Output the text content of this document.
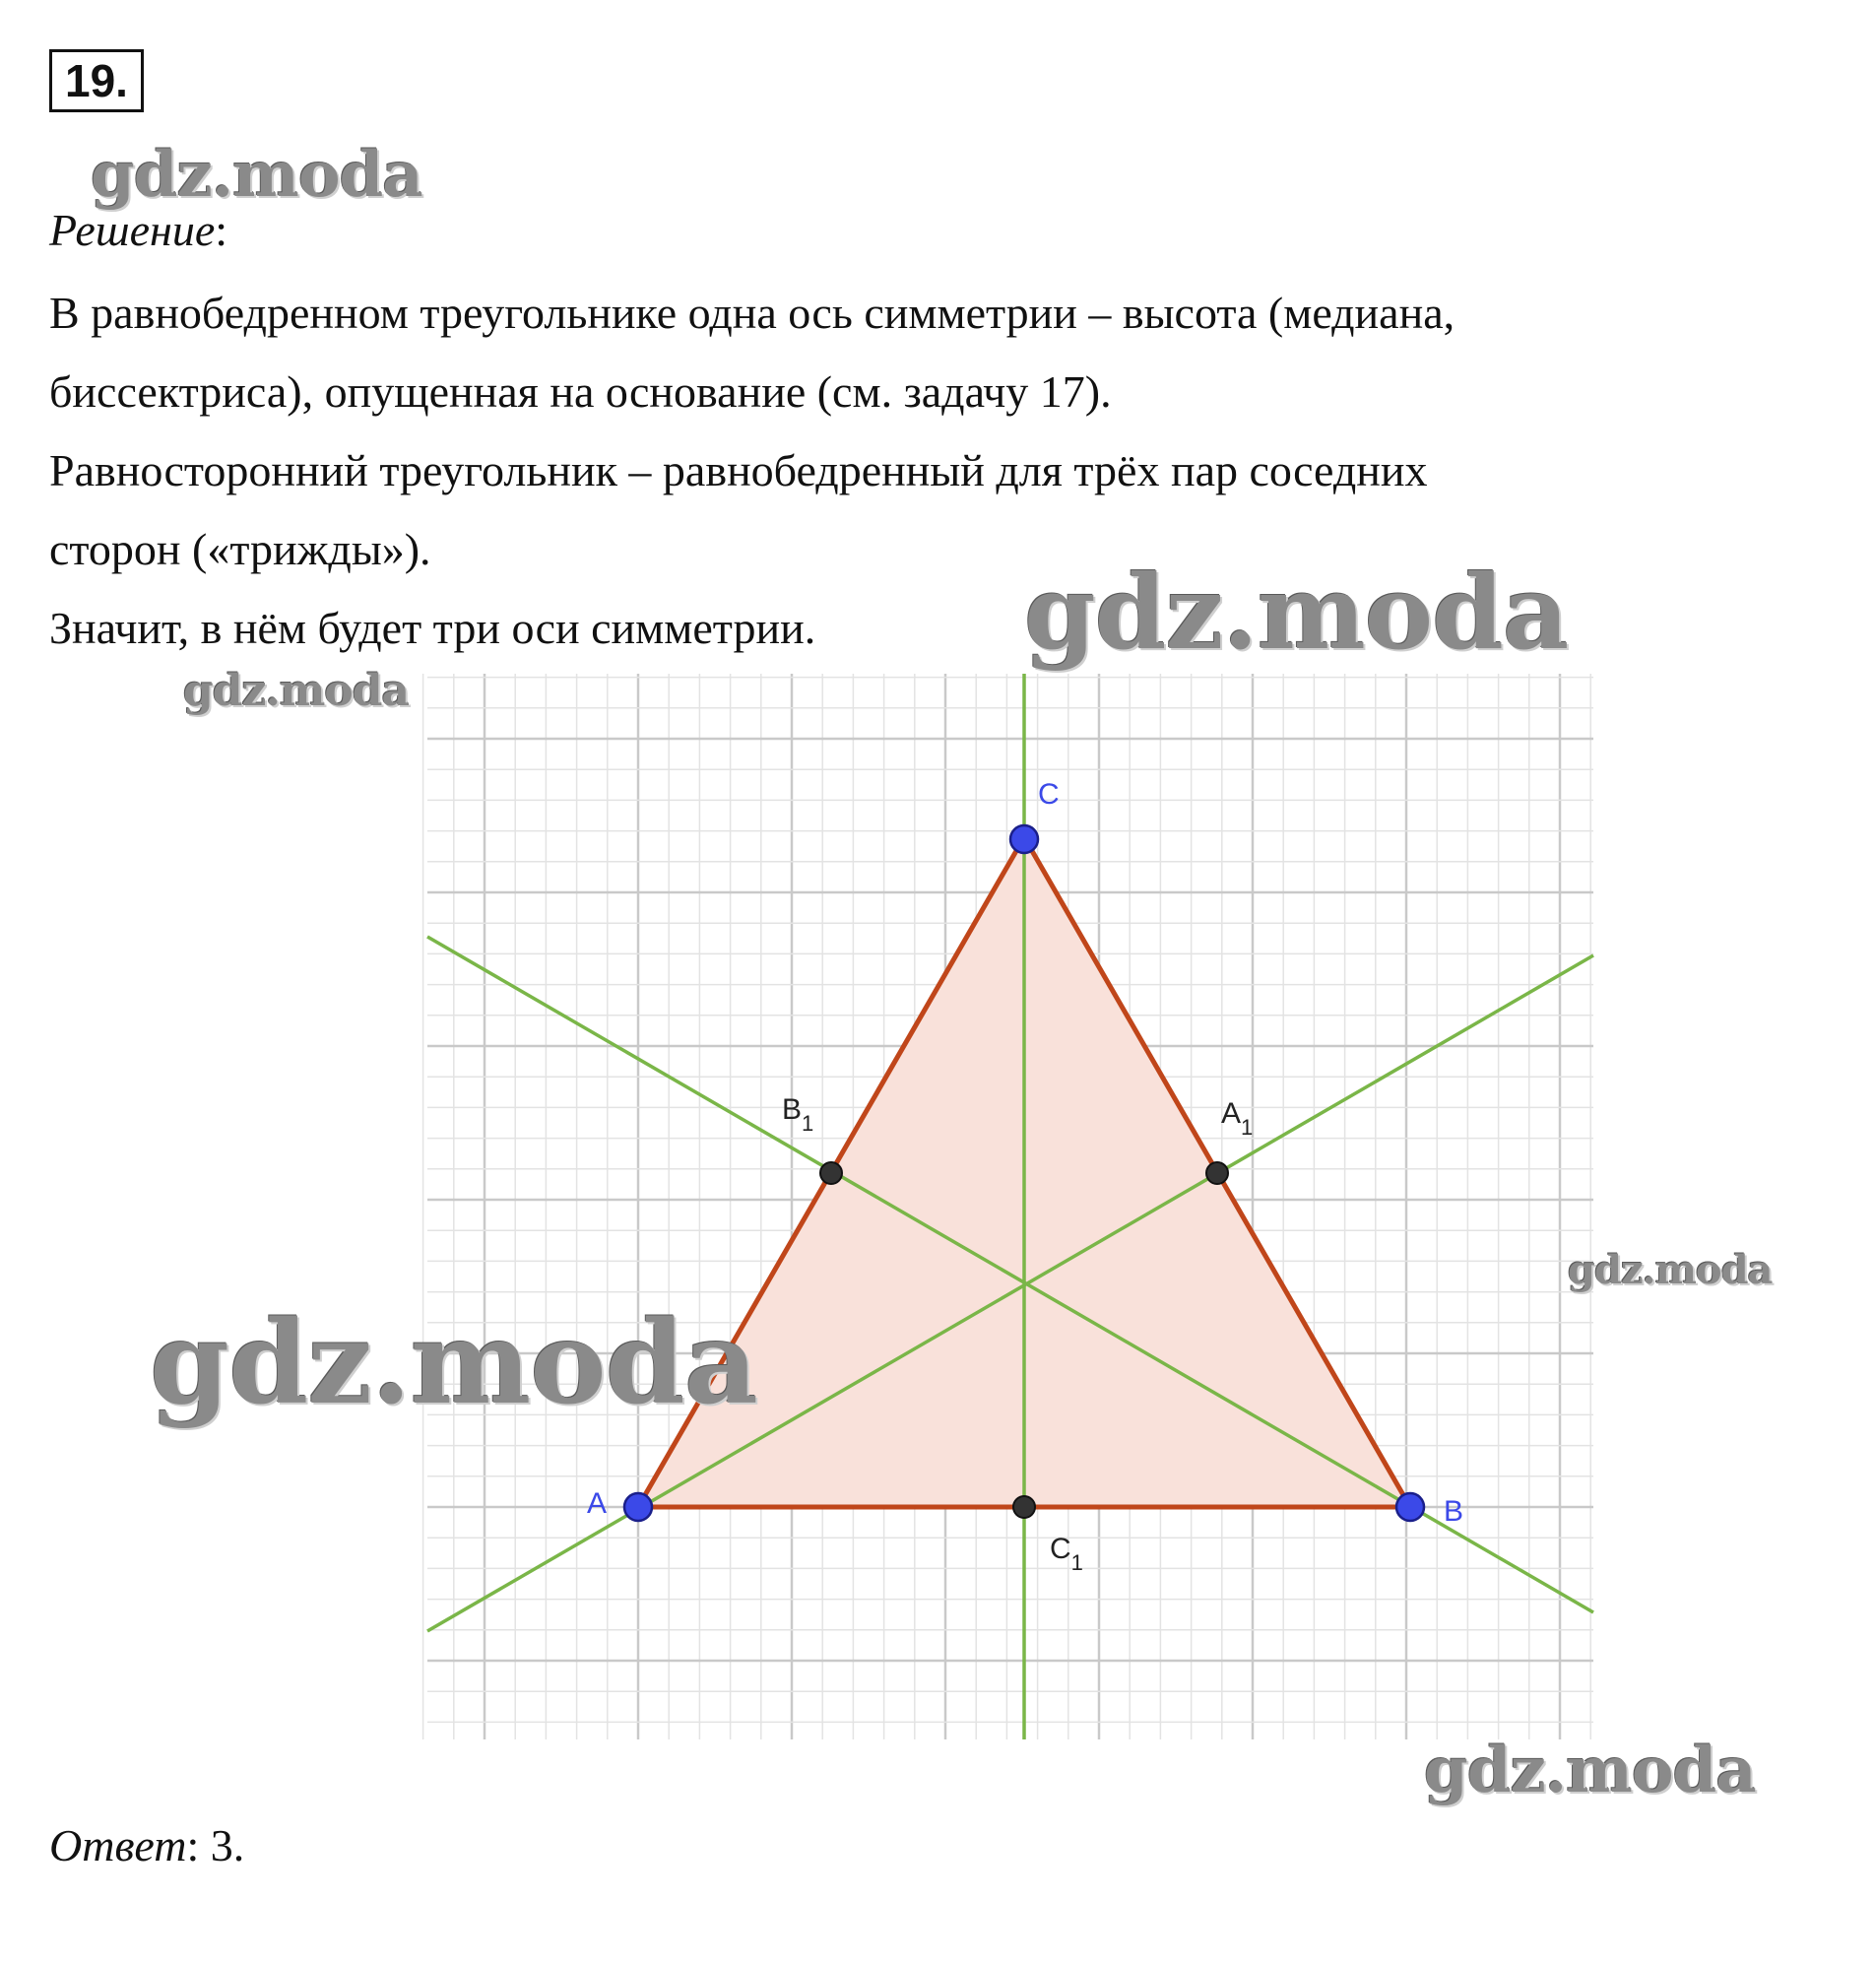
19.
gdz.moda
Решение:
В равнобедренном треугольнике одна ось симметрии – высота (медиана,
биссектриса), опущенная на основание (см. задачу 17).
Равносторонний треугольник – равнобедренный для трёх пар соседних
сторон («трижды»).
Значит, в нём будет три оси симметрии.
A	B
C
$A_1$
$B_1$
$C_1$
gdz.moda
gdz.moda
gdz.moda
gdz.moda
gdz.moda
Ответ: 3.
